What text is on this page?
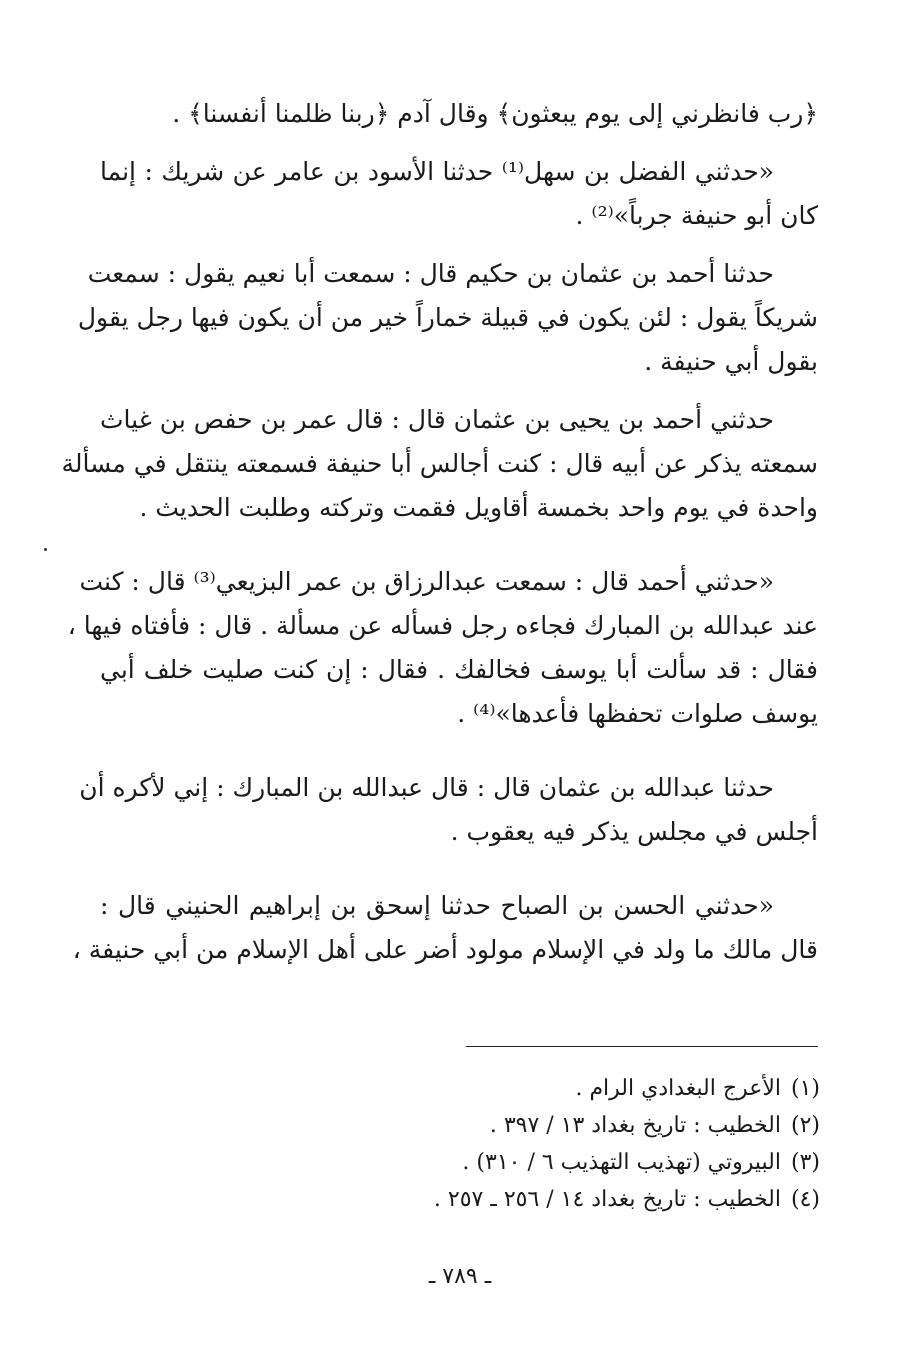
﴿رب فانظرني إلى يوم يبعثون﴾ وقال آدم ﴿ربنا ظلمنا أنفسنا﴾ .
«حدثني الفضل بن سهل⁽¹⁾ حدثنا الأسود بن عامر عن شريك : إنما
كان أبو حنيفة جرباً»⁽²⁾ .
حدثنا أحمد بن عثمان بن حكيم قال : سمعت أبا نعيم يقول : سمعت
شريكاً يقول : لئن يكون في قبيلة خماراً خير من أن يكون فيها رجل يقول
بقول أبي حنيفة .
حدثني أحمد بن يحيى بن عثمان قال : قال عمر بن حفص بن غياث
سمعته يذكر عن أبيه قال : كنت أجالس أبا حنيفة فسمعته ينتقل في مسألة
واحدة في يوم واحد بخمسة أقاويل فقمت وتركته وطلبت الحديث .
«حدثني أحمد قال : سمعت عبدالرزاق بن عمر البزيعي⁽³⁾ قال : كنت
عند عبدالله بن المبارك فجاءه رجل فسأله عن مسألة . قال : فأفتاه فيها ،
فقال : قد سألت أبا يوسف فخالفك . فقال : إن كنت صليت خلف أبي
يوسف صلوات تحفظها فأعدها»⁽⁴⁾ .
حدثنا عبدالله بن عثمان قال : قال عبدالله بن المبارك : إني لأكره أن
أجلس في مجلس يذكر فيه يعقوب .
«حدثني الحسن بن الصباح حدثنا إسحق بن إبراهيم الحنيني قال :
قال مالك ما ولد في الإسلام مولود أضر على أهل الإسلام من أبي حنيفة ،
(١)الأعرج البغدادي الرام .
(٢)الخطيب : تاريخ بغداد ١٣ / ٣٩٧ .
(٣)البيروتي (تهذيب التهذيب ٦ / ٣١٠) .
(٤)الخطيب : تاريخ بغداد ١٤ / ٢٥٦ ـ ٢٥٧ .
ـ ٧٨٩ ـ
